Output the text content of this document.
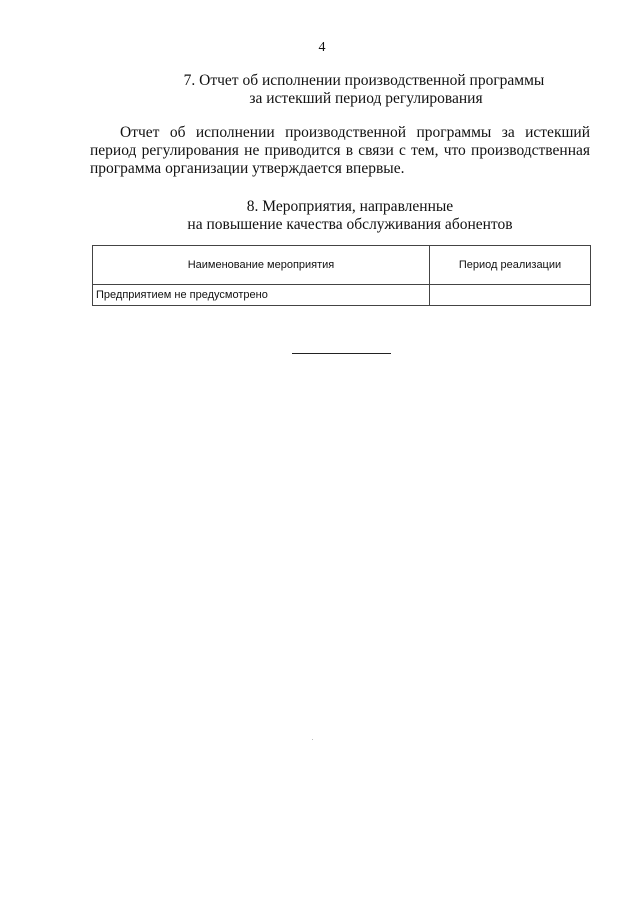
4
7. Отчет об исполнении производственной программы
за истекший период регулирования
Отчет об исполнении производственной программы за истекший период регулирования не приводится в связи с тем, что производственная программа организации утверждается впервые.
8. Мероприятия, направленные
на повышение качества обслуживания абонентов
Наименование мероприятия	Период реализации
Предприятием не предусмотрено	
